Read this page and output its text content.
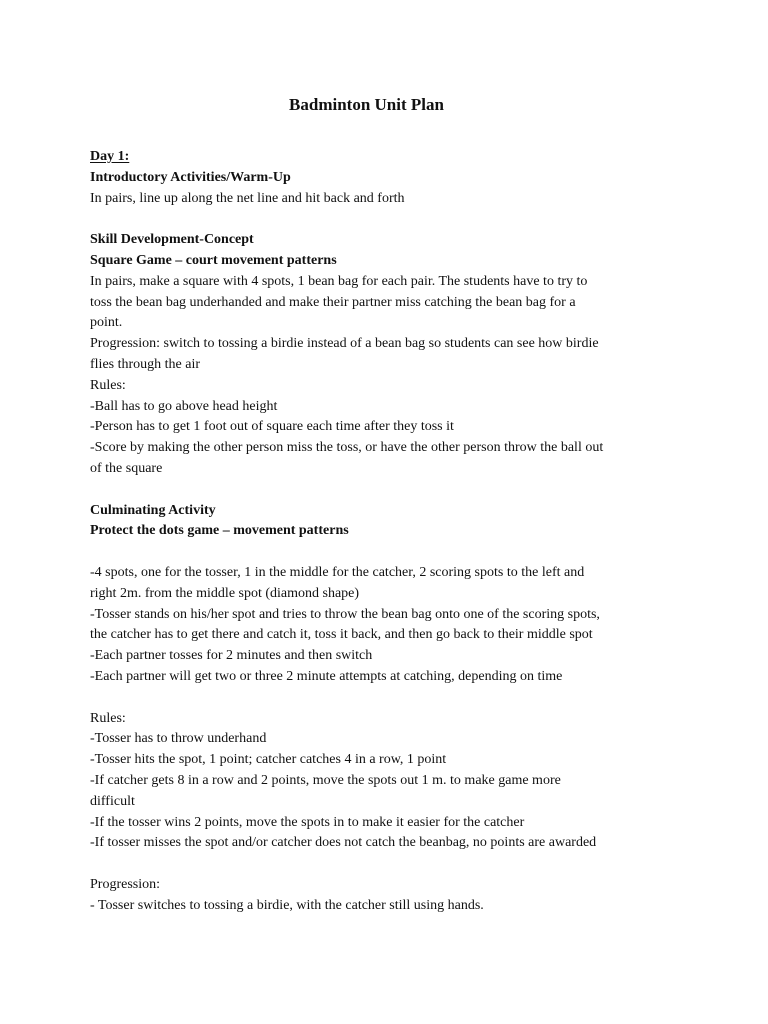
Badminton Unit Plan
Day 1:
Introductory Activities/Warm-Up
In pairs, line up along the net line and hit back and forth
Skill Development-Concept
Square Game – court movement patterns
In pairs, make a square with 4 spots, 1 bean bag for each pair. The students have to try to
toss the bean bag underhanded and make their partner miss catching the bean bag for a
point.
Progression: switch to tossing a birdie instead of a bean bag so students can see how birdie
flies through the air
Rules:
-Ball has to go above head height
-Person has to get 1 foot out of square each time after they toss it
-Score by making the other person miss the toss, or have the other person throw the ball out
of the square
Culminating Activity
Protect the dots game – movement patterns
-4 spots, one for the tosser, 1 in the middle for the catcher, 2 scoring spots to the left and
right 2m. from the middle spot (diamond shape)
-Tosser stands on his/her spot and tries to throw the bean bag onto one of the scoring spots,
the catcher has to get there and catch it, toss it back, and then go back to their middle spot
-Each partner tosses for 2 minutes and then switch
-Each partner will get two or three 2 minute attempts at catching, depending on time
Rules:
-Tosser has to throw underhand
-Tosser hits the spot, 1 point; catcher catches 4 in a row, 1 point
-If catcher gets 8 in a row and 2 points, move the spots out 1 m. to make game more
difficult
-If the tosser wins 2 points, move the spots in to make it easier for the catcher
-If tosser misses the spot and/or catcher does not catch the beanbag, no points are awarded
Progression:
- Tosser switches to tossing a birdie, with the catcher still using hands.
